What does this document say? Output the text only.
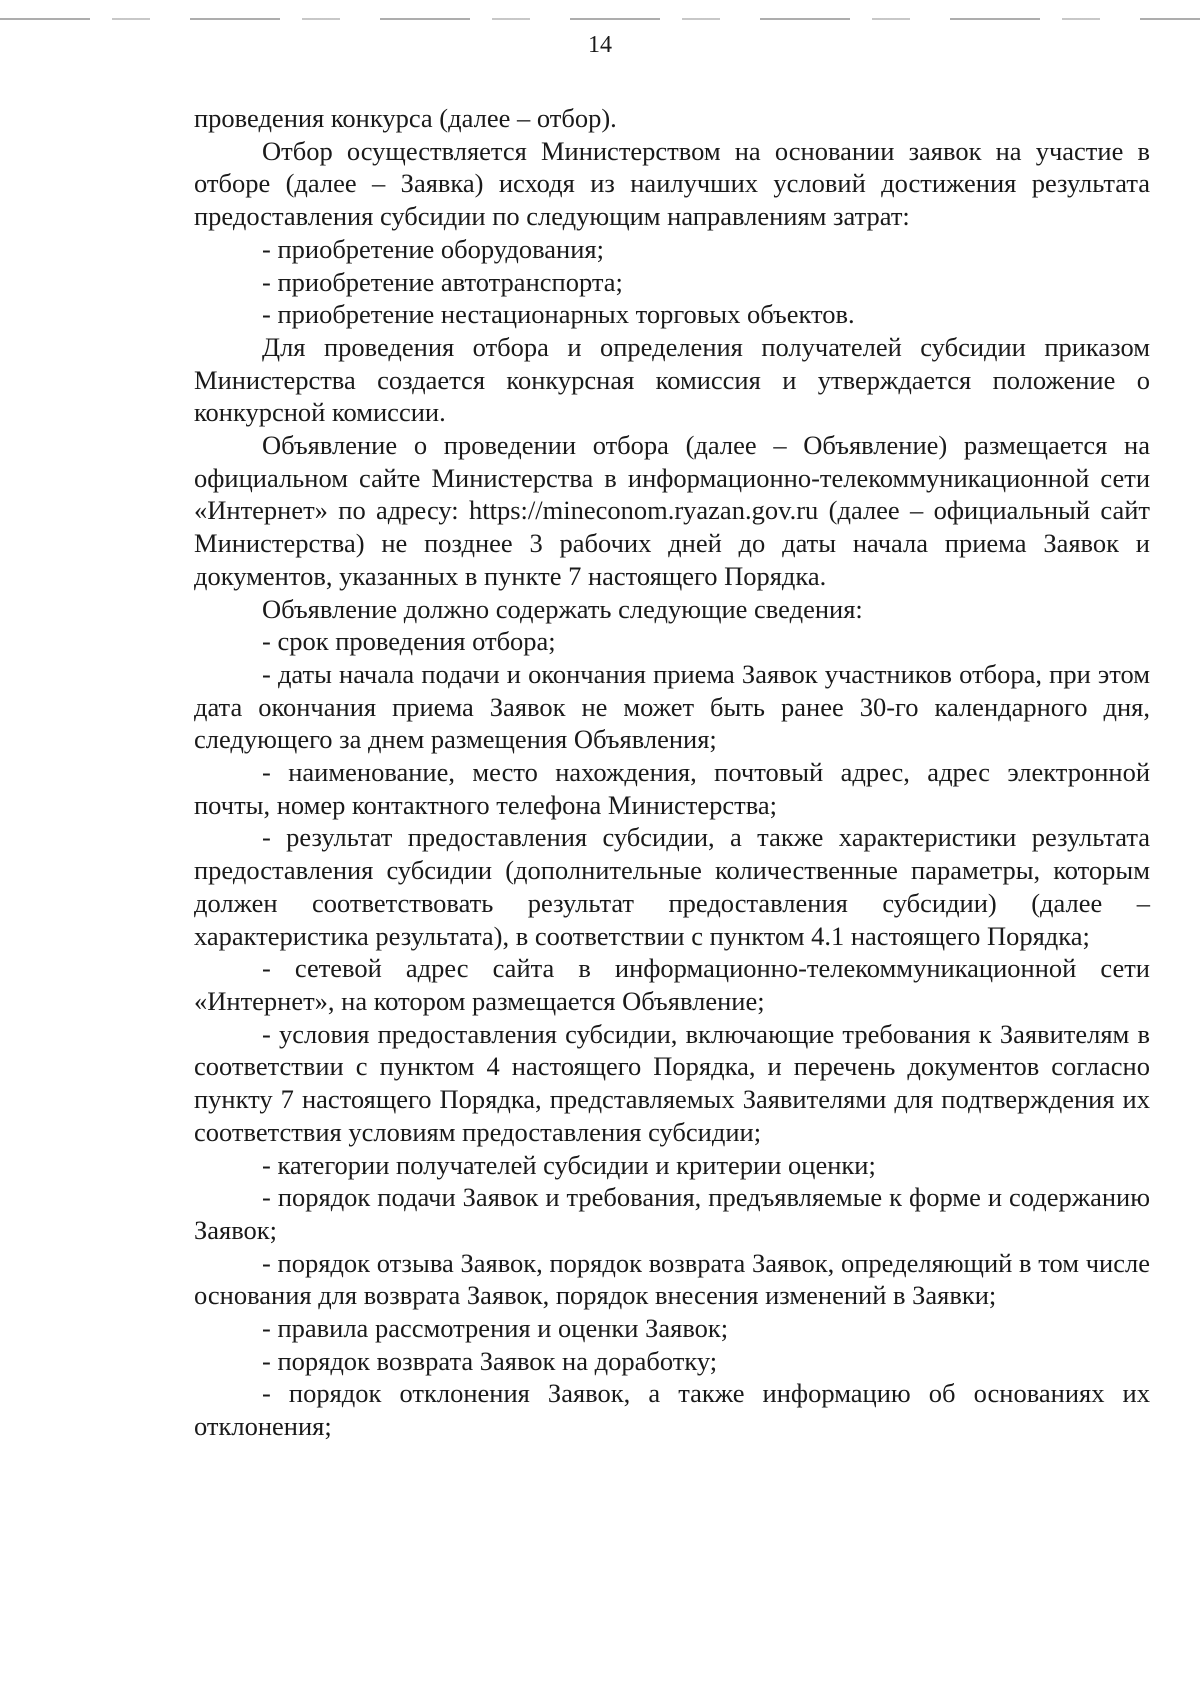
14

проведения конкурса (далее – отбор).

Отбор осуществляется Министерством на основании заявок на участие в отборе (далее – Заявка) исходя из наилучших условий достижения результата предоставления субсидии по следующим направлениям затрат:

- приобретение оборудования;

- приобретение автотранспорта;

- приобретение нестационарных торговых объектов.

Для проведения отбора и определения получателей субсидии приказом Министерства создается конкурсная комиссия и утверждается положение о конкурсной комиссии.

Объявление о проведении отбора (далее – Объявление) размещается на официальном сайте Министерства в информационно-телекоммуникационной сети «Интернет» по адресу: https://mineconom.ryazan.gov.ru (далее – официальный сайт Министерства) не позднее 3 рабочих дней до даты начала приема Заявок и документов, указанных в пункте 7 настоящего Порядка.

Объявление должно содержать следующие сведения:

- срок проведения отбора;

- даты начала подачи и окончания приема Заявок участников отбора, при этом дата окончания приема Заявок не может быть ранее 30-го календарного дня, следующего за днем размещения Объявления;

- наименование, место нахождения, почтовый адрес, адрес электронной почты, номер контактного телефона Министерства;

- результат предоставления субсидии, а также характеристики результата предоставления субсидии (дополнительные количественные параметры, которым должен соответствовать результат предоставления субсидии) (далее – характеристика результата), в соответствии с пунктом 4.1 настоящего Порядка;

- сетевой адрес сайта в информационно-телекоммуникационной сети «Интернет», на котором размещается Объявление;

- условия предоставления субсидии, включающие требования к Заявителям в соответствии с пунктом 4 настоящего Порядка, и перечень документов согласно пункту 7 настоящего Порядка, представляемых Заявителями для подтверждения их соответствия условиям предоставления субсидии;

- категории получателей субсидии и критерии оценки;

- порядок подачи Заявок и требования, предъявляемые к форме и содержанию Заявок;

- порядок отзыва Заявок, порядок возврата Заявок, определяющий в том числе основания для возврата Заявок, порядок внесения изменений в Заявки;

- правила рассмотрения и оценки Заявок;

- порядок возврата Заявок на доработку;

- порядок отклонения Заявок, а также информацию об основаниях их отклонения;
